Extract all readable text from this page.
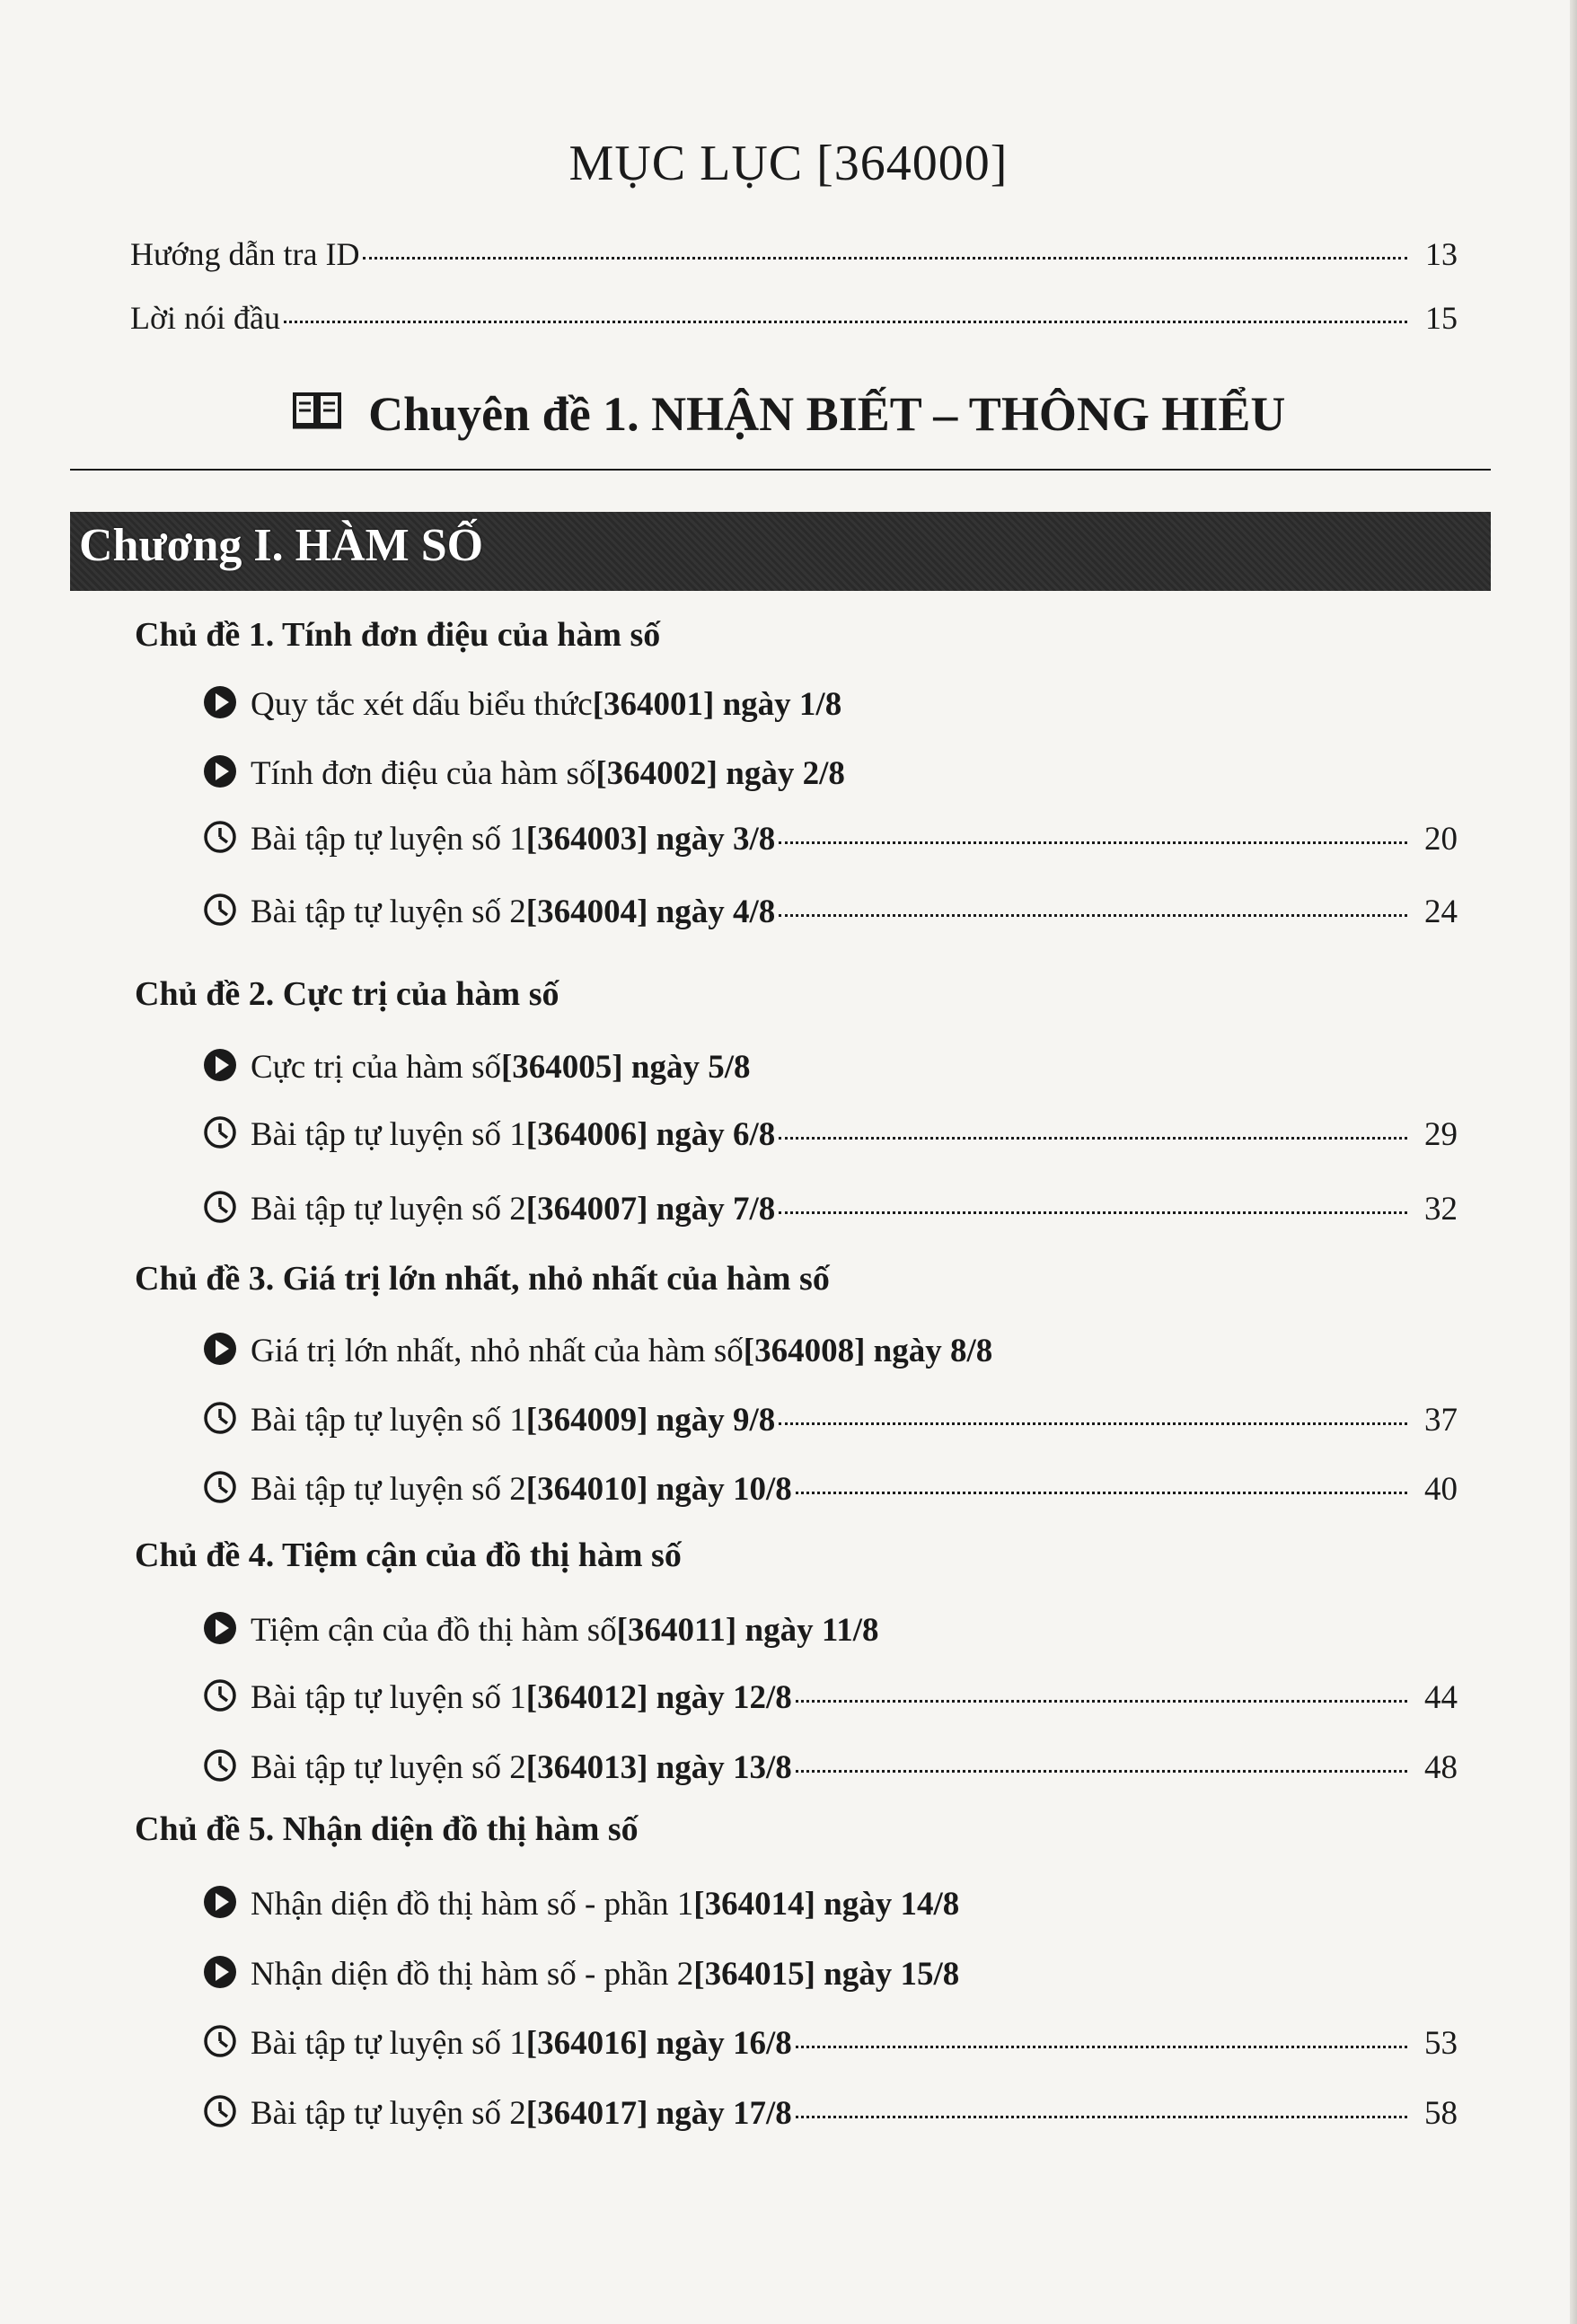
MỤC LỤC [364000]
Hướng dẫn tra ID	13
Lời nói đầu	15
Chuyên đề 1. NHẬN BIẾT – THÔNG HIỂU
Chương I. HÀM SỐ
Chủ đề 1. Tính đơn điệu của hàm số
Quy tắc xét dấu biểu thức [364001] ngày 1/8
Tính đơn điệu của hàm số [364002] ngày 2/8
Bài tập tự luyện số 1 [364003] ngày 3/8	20
Bài tập tự luyện số 2 [364004] ngày 4/8	24
Chủ đề 2. Cực trị của hàm số
Cực trị của hàm số [364005] ngày 5/8
Bài tập tự luyện số 1 [364006] ngày 6/8	29
Bài tập tự luyện số 2 [364007] ngày 7/8	32
Chủ đề 3. Giá trị lớn nhất, nhỏ nhất của hàm số
Giá trị lớn nhất, nhỏ nhất của hàm số [364008] ngày 8/8
Bài tập tự luyện số 1 [364009] ngày 9/8	37
Bài tập tự luyện số 2 [364010] ngày 10/8	40
Chủ đề 4. Tiệm cận của đồ thị hàm số
Tiệm cận của đồ thị hàm số [364011] ngày 11/8
Bài tập tự luyện số 1 [364012] ngày 12/8	44
Bài tập tự luyện số 2 [364013] ngày 13/8	48
Chủ đề 5. Nhận diện đồ thị hàm số
Nhận diện đồ thị hàm số - phần 1 [364014] ngày 14/8
Nhận diện đồ thị hàm số - phần 2 [364015] ngày 15/8
Bài tập tự luyện số 1 [364016] ngày 16/8	53
Bài tập tự luyện số 2 [364017] ngày 17/8	58
